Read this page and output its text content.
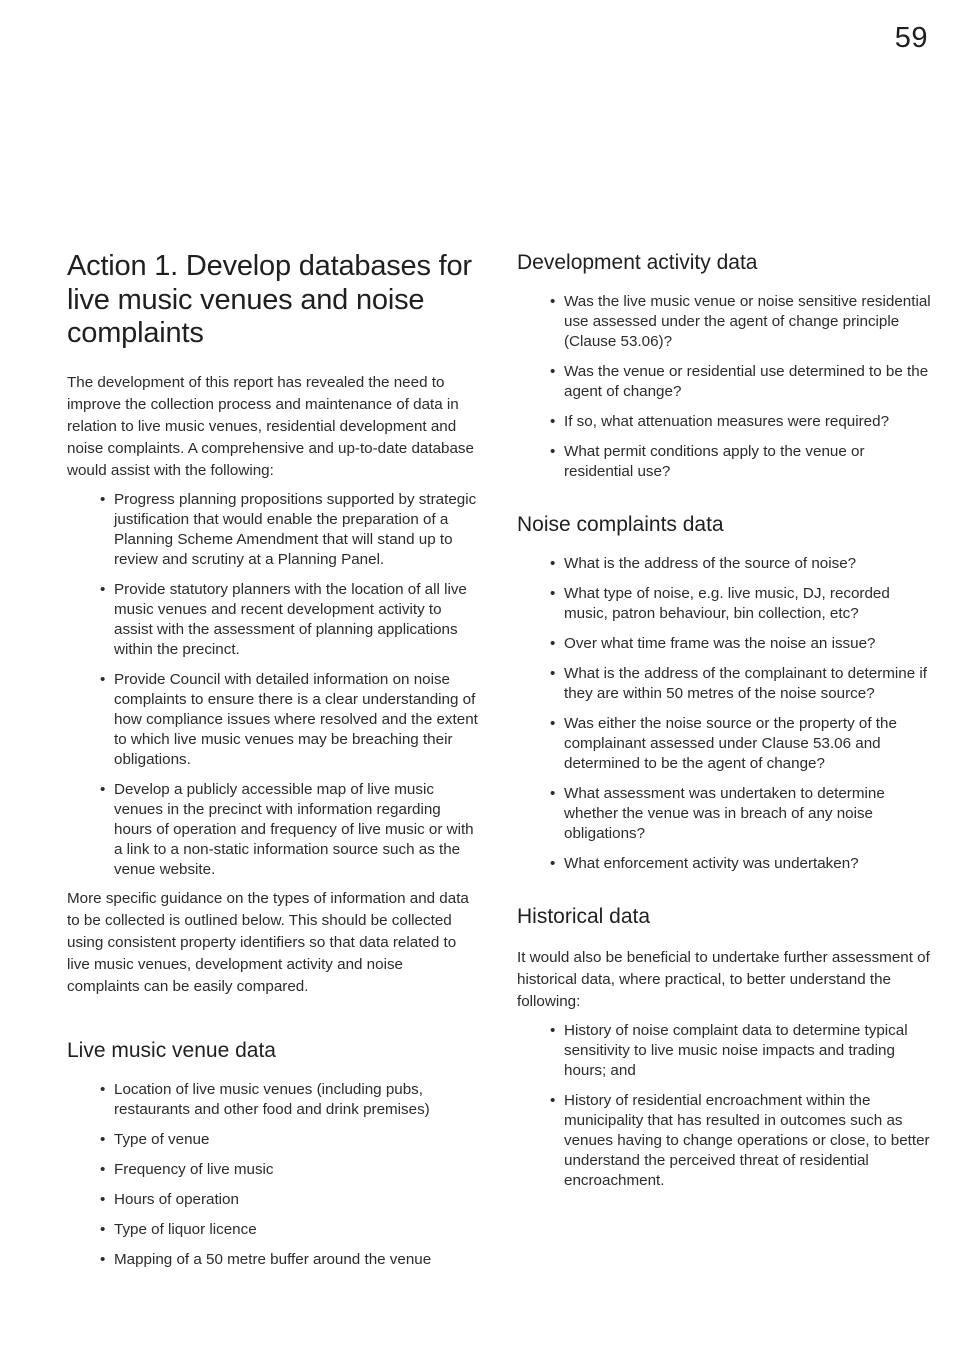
59
Action 1. Develop databases for live music venues and noise complaints

The development of this report has revealed the need to improve the collection process and maintenance of data in relation to live music venues, residential development and noise complaints. A comprehensive and up-to-date database would assist with the following:

• Progress planning propositions supported by strategic justification that would enable the preparation of a Planning Scheme Amendment that will stand up to review and scrutiny at a Planning Panel.
• Provide statutory planners with the location of all live music venues and recent development activity to assist with the assessment of planning applications within the precinct.
• Provide Council with detailed information on noise complaints to ensure there is a clear understanding of how compliance issues where resolved and the extent to which live music venues may be breaching their obligations.
• Develop a publicly accessible map of live music venues in the precinct with information regarding hours of operation and frequency of live music or with a link to a non-static information source such as the venue website.

More specific guidance on the types of information and data to be collected is outlined below. This should be collected using consistent property identifiers so that data related to live music venues, development activity and noise complaints can be easily compared.

Live music venue data
• Location of live music venues (including pubs, restaurants and other food and drink premises)
• Type of venue
• Frequency of live music
• Hours of operation
• Type of liquor licence
• Mapping of a 50 metre buffer around the venue
Development activity data
• Was the live music venue or noise sensitive residential use assessed under the agent of change principle (Clause 53.06)?
• Was the venue or residential use determined to be the agent of change?
• If so, what attenuation measures were required?
• What permit conditions apply to the venue or residential use?
Noise complaints data
• What is the address of the source of noise?
• What type of noise, e.g. live music, DJ, recorded music, patron behaviour, bin collection, etc?
• Over what time frame was the noise an issue?
• What is the address of the complainant to determine if they are within 50 metres of the noise source?
• Was either the noise source or the property of the complainant assessed under Clause 53.06 and determined to be the agent of change?
• What assessment was undertaken to determine whether the venue was in breach of any noise obligations?
• What enforcement activity was undertaken?
Historical data

It would also be beneficial to undertake further assessment of historical data, where practical, to better understand the following:

• History of noise complaint data to determine typical sensitivity to live music noise impacts and trading hours; and
• History of residential encroachment within the municipality that has resulted in outcomes such as venues having to change operations or close, to better understand the perceived threat of residential encroachment.
